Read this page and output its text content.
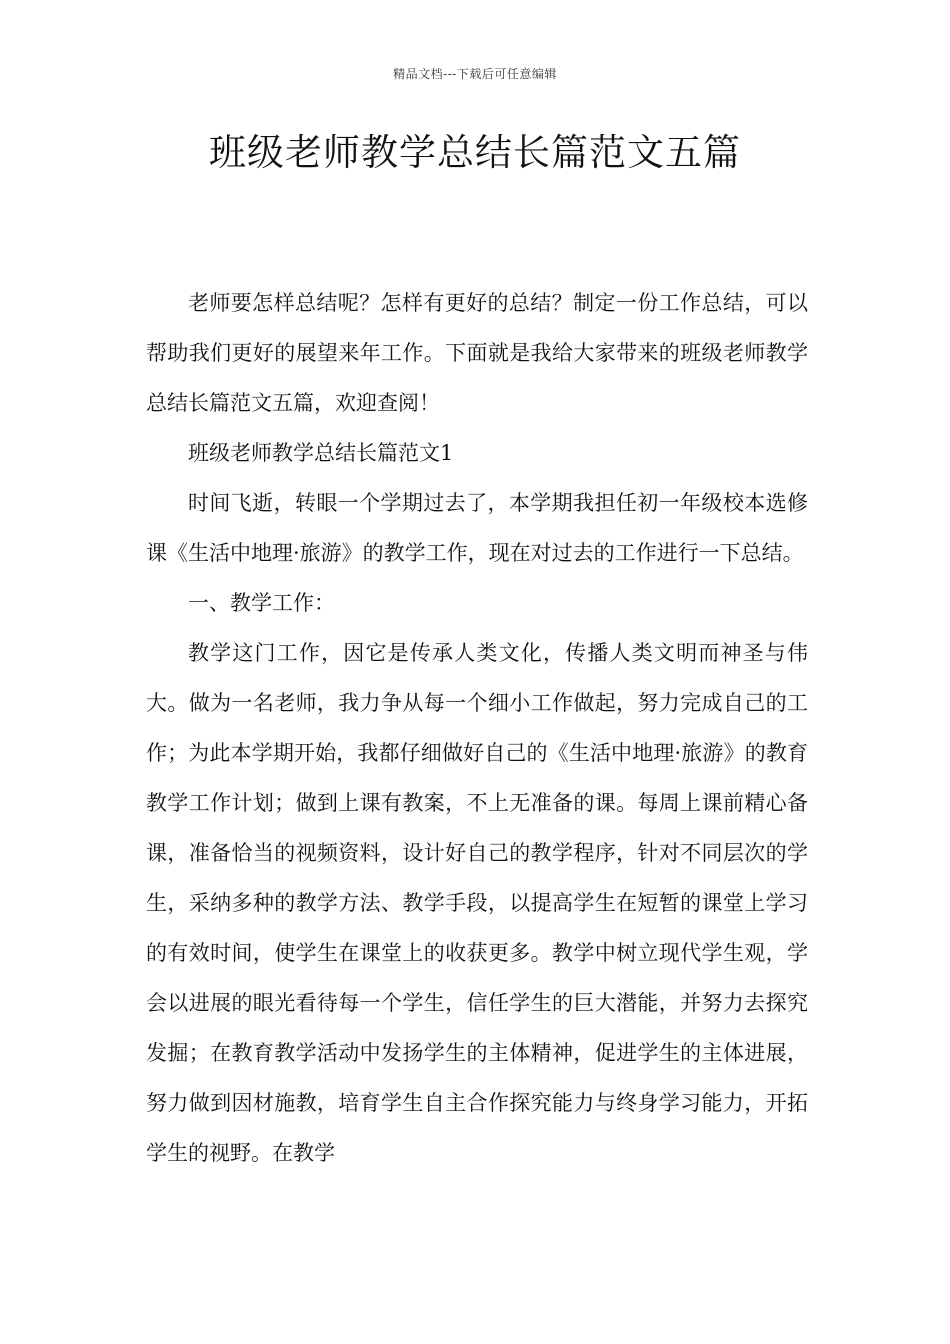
精品文档---下载后可任意编辑
班级老师教学总结长篇范文五篇

老师要怎样总结呢？怎样有更好的总结？制定一份工作总结，可以帮助我们更好的展望来年工作。下面就是我给大家带来的班级老师教学总结长篇范文五篇，欢迎查阅！

班级老师教学总结长篇范文1

时间飞逝，转眼一个学期过去了，本学期我担任初一年级校本选修课《生活中地理·旅游》的教学工作，现在对过去的工作进行一下总结。

一、教学工作：

教学这门工作，因它是传承人类文化，传播人类文明而神圣与伟大。做为一名老师，我力争从每一个细小工作做起，努力完成自己的工作；为此本学期开始，我都仔细做好自己的《生活中地理·旅游》的教育教学工作计划；做到上课有教案，不上无准备的课。每周上课前精心备课，准备恰当的视频资料，设计好自己的教学程序，针对不同层次的学生，采纳多种的教学方法、教学手段，以提高学生在短暂的课堂上学习的有效时间，使学生在课堂上的收获更多。教学中树立现代学生观，学会以进展的眼光看待每一个学生，信任学生的巨大潜能，并努力去探究发掘；在教育教学活动中发扬学生的主体精神，促进学生的主体进展，努力做到因材施教，培育学生自主合作探究能力与终身学习能力，开拓学生的视野。在教学
